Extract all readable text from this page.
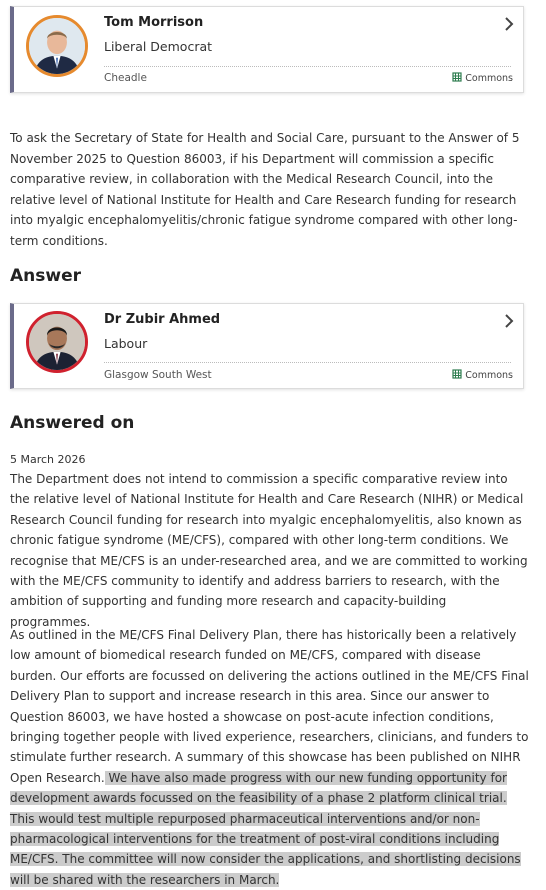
Tom Morrison
Liberal Democrat
Cheadle	Commons
To ask the Secretary of State for Health and Social Care, pursuant to the Answer of 5 November 2025 to Question 86003, if his Department will commission a specific comparative review, in collaboration with the Medical Research Council, into the relative level of National Institute for Health and Care Research funding for research into myalgic encephalomyelitis/chronic fatigue syndrome compared with other long-term conditions.
Answer
Dr Zubir Ahmed
Labour
Glasgow South West	Commons
Answered on
5 March 2026

The Department does not intend to commission a specific comparative review into the relative level of National Institute for Health and Care Research (NIHR) or Medical Research Council funding for research into myalgic encephalomyelitis, also known as chronic fatigue syndrome (ME/CFS), compared with other long-term conditions. We recognise that ME/CFS is an under-researched area, and we are committed to working with the ME/CFS community to identify and address barriers to research, with the ambition of supporting and funding more research and capacity-building programmes.

As outlined in the ME/CFS Final Delivery Plan, there has historically been a relatively low amount of biomedical research funded on ME/CFS, compared with disease burden. Our efforts are focussed on delivering the actions outlined in the ME/CFS Final Delivery Plan to support and increase research in this area. Since our answer to Question 86003, we have hosted a showcase on post-acute infection conditions, bringing together people with lived experience, researchers, clinicians, and funders to stimulate further research. A summary of this showcase has been published on NIHR Open Research. We have also made progress with our new funding opportunity for development awards focussed on the feasibility of a phase 2 platform clinical trial. This would test multiple repurposed pharmaceutical interventions and/or non-pharmacological interventions for the treatment of post-viral conditions including ME/CFS. The committee will now consider the applications, and shortlisting decisions will be shared with the researchers in March.
